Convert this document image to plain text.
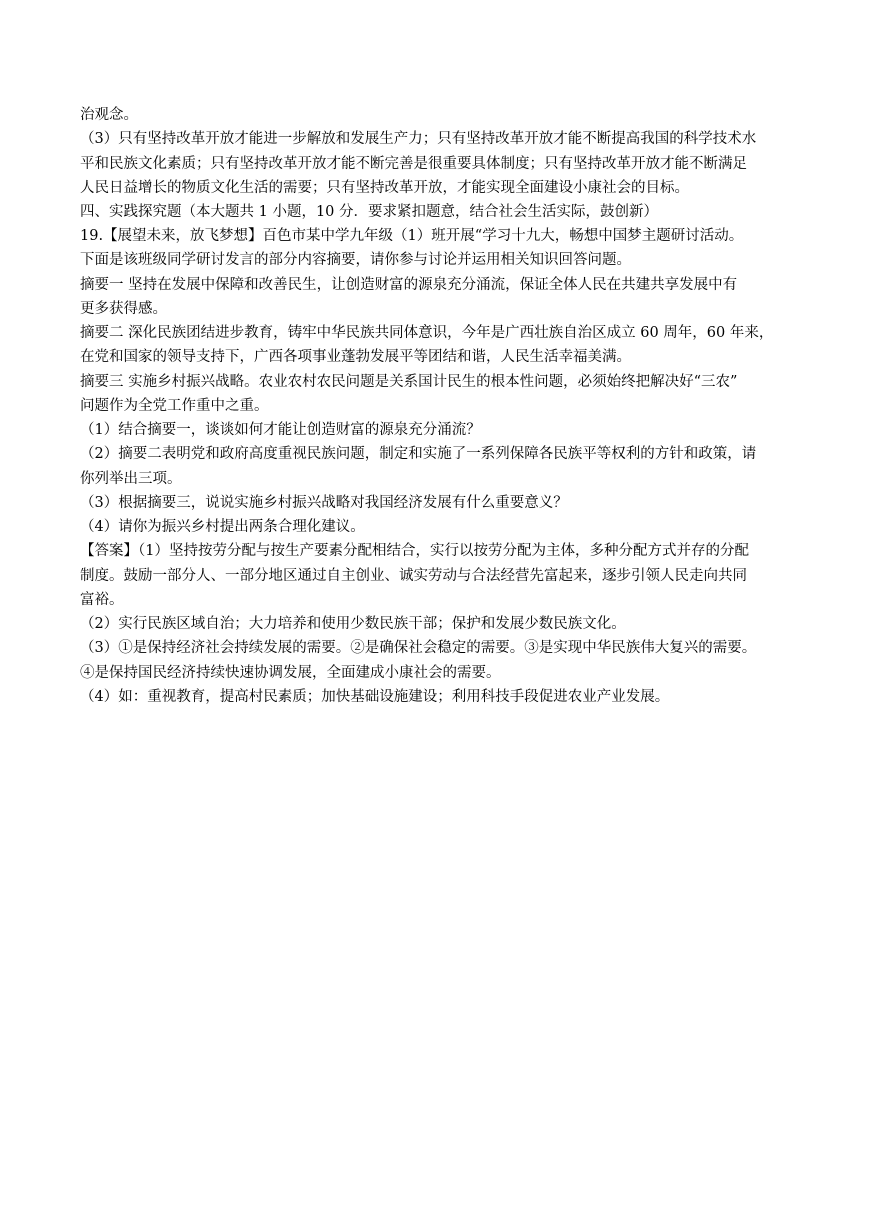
治观念。
（3）只有坚持改革开放才能进一步解放和发展生产力；只有坚持改革开放才能不断提高我国的科学技术水
平和民族文化素质；只有坚持改革开放才能不断完善是很重要具体制度；只有坚持改革开放才能不断满足
人民日益增长的物质文化生活的需要；只有坚持改革开放，才能实现全面建设小康社会的目标。
四、实践探究题（本大题共 1 小题，10 分．要求紧扣题意，结合社会生活实际，鼓创新）
19.【展望未来，放飞梦想】百色市某中学九年级（1）班开展“学习十九大，畅想中国梦主题研讨活动。
下面是该班级同学研讨发言的部分内容摘要，请你参与讨论并运用相关知识回答问题。
摘要一 坚持在发展中保障和改善民生，让创造财富的源泉充分涌流，保证全体人民在共建共享发展中有
更多获得感。
摘要二 深化民族团结进步教育，铸牢中华民族共同体意识，今年是广西壮族自治区成立 60 周年，60 年来，
在党和国家的领导支持下，广西各项事业蓬勃发展平等团结和谐，人民生活幸福美满。
摘要三 实施乡村振兴战略。农业农村农民问题是关系国计民生的根本性问题，必须始终把解决好“三农”
问题作为全党工作重中之重。
（1）结合摘要一，谈谈如何才能让创造财富的源泉充分涌流？
（2）摘要二表明党和政府高度重视民族问题，制定和实施了一系列保障各民族平等权利的方针和政策，请
你列举出三项。
（3）根据摘要三，说说实施乡村振兴战略对我国经济发展有什么重要意义？
（4）请你为振兴乡村提出两条合理化建议。
【答案】（1）坚持按劳分配与按生产要素分配相结合，实行以按劳分配为主体，多种分配方式并存的分配
制度。鼓励一部分人、一部分地区通过自主创业、诚实劳动与合法经营先富起来，逐步引领人民走向共同
富裕。
（2）实行民族区域自治；大力培养和使用少数民族干部；保护和发展少数民族文化。
（3）①是保持经济社会持续发展的需要。②是确保社会稳定的需要。③是实现中华民族伟大复兴的需要。
④是保持国民经济持续快速协调发展，全面建成小康社会的需要。
（4）如：重视教育，提高村民素质；加快基础设施建设；利用科技手段促进农业产业发展。
